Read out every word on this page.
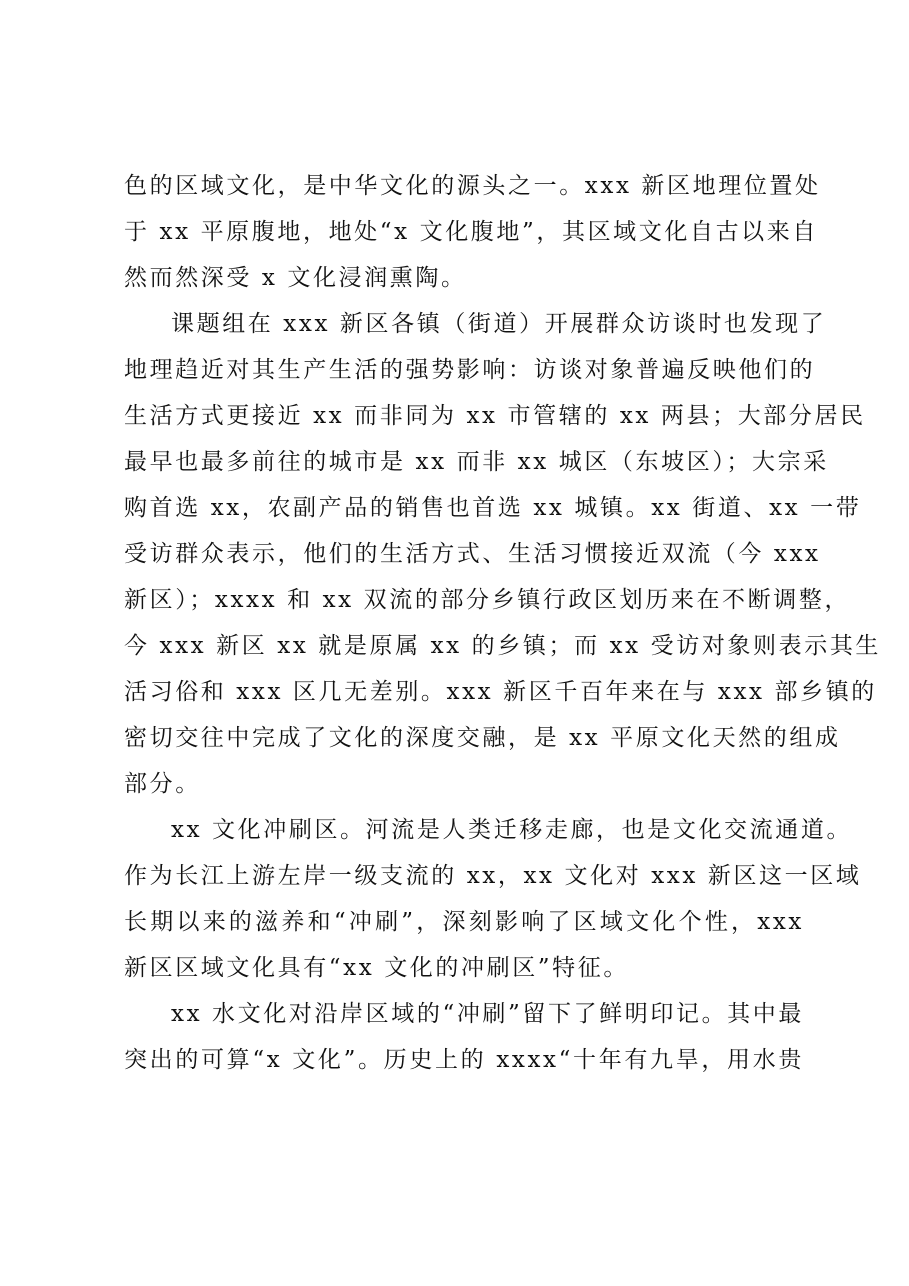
色的区域文化，是中华文化的源头之一。xxx 新区地理位置处
于 xx 平原腹地，地处“x 文化腹地”，其区域文化自古以来自
然而然深受 x 文化浸润熏陶。
课题组在 xxx 新区各镇（街道）开展群众访谈时也发现了
地理趋近对其生产生活的强势影响：访谈对象普遍反映他们的
生活方式更接近 xx 而非同为 xx 市管辖的 xx 两县；大部分居民
最早也最多前往的城市是 xx 而非 xx 城区（东坡区）；大宗采
购首选 xx，农副产品的销售也首选 xx 城镇。xx 街道、xx 一带
受访群众表示，他们的生活方式、生活习惯接近双流（今 xxx
新区）；xxxx 和 xx 双流的部分乡镇行政区划历来在不断调整，
今 xxx 新区 xx 就是原属 xx 的乡镇；而 xx 受访对象则表示其生
活习俗和 xxx 区几无差别。xxx 新区千百年来在与 xxx 部乡镇的
密切交往中完成了文化的深度交融，是 xx 平原文化天然的组成
部分。
xx 文化冲刷区。河流是人类迁移走廊，也是文化交流通道。
作为长江上游左岸一级支流的 xx，xx 文化对 xxx 新区这一区域
长期以来的滋养和“冲刷”，深刻影响了区域文化个性，xxx
新区区域文化具有“xx 文化的冲刷区”特征。
xx 水文化对沿岸区域的“冲刷”留下了鲜明印记。其中最
突出的可算“x 文化”。历史上的 xxxx“十年有九旱，用水贵
